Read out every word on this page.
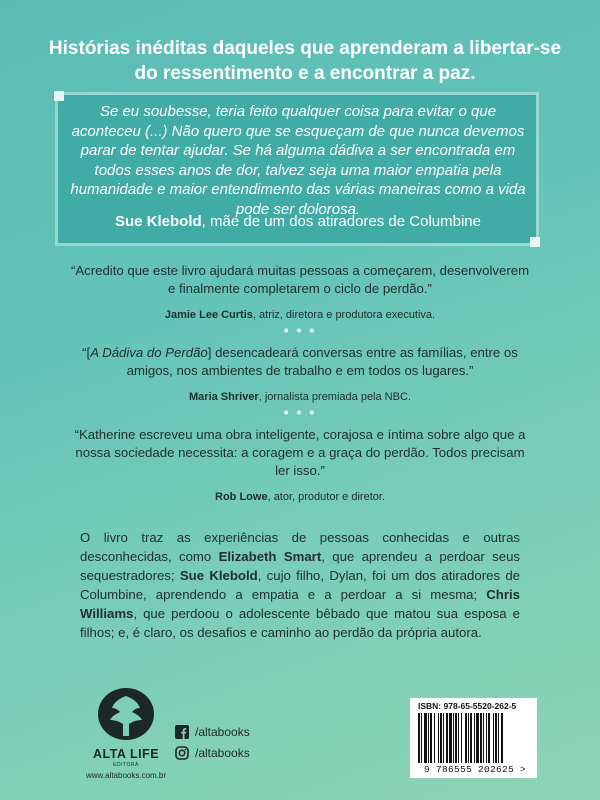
Histórias inéditas daqueles que aprenderam a libertar-se do ressentimento e a encontrar a paz.
Se eu soubesse, teria feito qualquer coisa para evitar o que aconteceu (...) Não quero que se esqueçam de que nunca devemos parar de tentar ajudar. Se há alguma dádiva a ser encontrada em todos esses anos de dor, talvez seja uma maior empatia pela humanidade e maior entendimento das várias maneiras como a vida pode ser dolorosa.
Sue Klebold, mãe de um dos atiradores de Columbine
“Acredito que este livro ajudará muitas pessoas a começarem, desenvolverem e finalmente completarem o ciclo de perdão.”
Jamie Lee Curtis, atriz, diretora e produtora executiva.
• • •
“[A Dádiva do Perdão] desencadeará conversas entre as famílias, entre os amigos, nos ambientes de trabalho e em todos os lugares.”
Maria Shriver, jornalista premiada pela NBC.
• • •
“Katherine escreveu uma obra inteligente, corajosa e íntima sobre algo que a nossa sociedade necessita: a coragem e a graça do perdão. Todos precisam ler isso.”
Rob Lowe, ator, produtor e diretor.
O livro traz as experiências de pessoas conhecidas e outras desconhecidas, como Elizabeth Smart, que aprendeu a perdoar seus sequestradores; Sue Klebold, cujo filho, Dylan, foi um dos atiradores de Columbine, aprendendo a empatia e a perdoar a si mesma; Chris Williams, que perdoou o adolescente bêbado que matou sua esposa e filhos; e, é claro, os desafios e caminho ao perdão da própria autora.
ALTA LIFE
EDITORA
www.altabooks.com.br
/altabooks
/altabooks
ISBN: 978-65-5520-262-5
9 786555 202625 >
